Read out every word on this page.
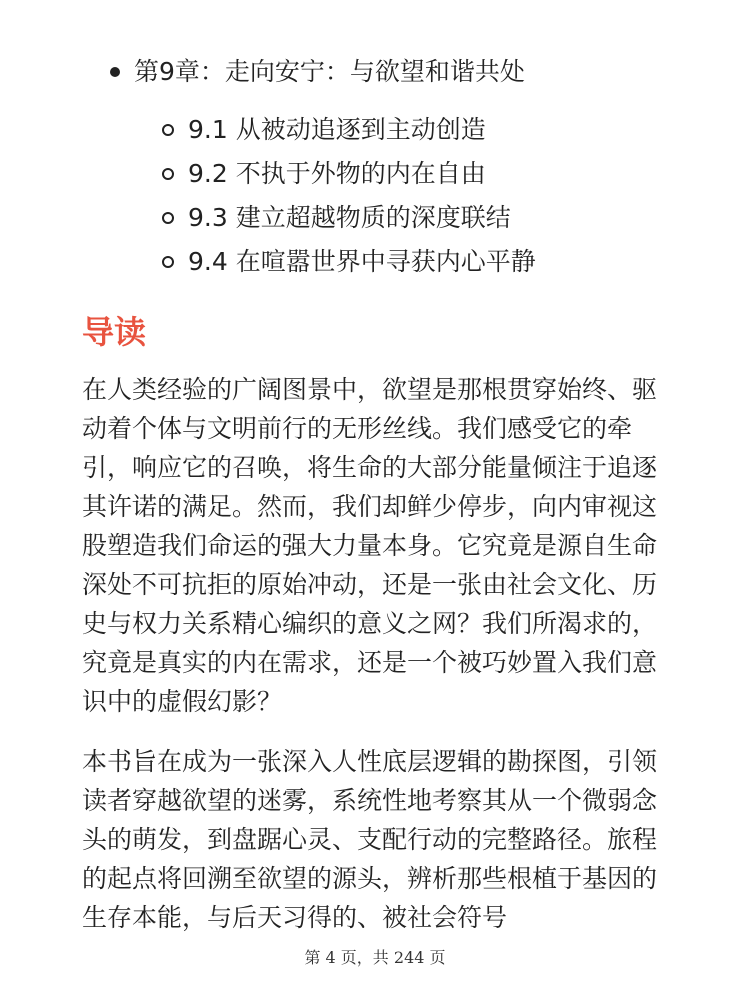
第9章：走向安宁：与欲望和谐共处
9.1 从被动追逐到主动创造
9.2 不执于外物的内在自由
9.3 建立超越物质的深度联结
9.4 在喧嚣世界中寻获内心平静
导读

在人类经验的广阔图景中，欲望是那根贯穿始终、驱动着个体与文明前行的无形丝线。我们感受它的牵引，响应它的召唤，将生命的大部分能量倾注于追逐其许诺的满足。然而，我们却鲜少停步，向内审视这股塑造我们命运的强大力量本身。它究竟是源自生命深处不可抗拒的原始冲动，还是一张由社会文化、历史与权力关系精心编织的意义之网？我们所渴求的，究竟是真实的内在需求，还是一个被巧妙置入我们意识中的虚假幻影？

本书旨在成为一张深入人性底层逻辑的勘探图，引领读者穿越欲望的迷雾，系统性地考察其从一个微弱念头的萌发，到盘踞心灵、支配行动的完整路径。旅程的起点将回溯至欲望的源头，辨析那些根植于基因的生存本能，与后天习得的、被社会符号

第 4 页，共 244 页
